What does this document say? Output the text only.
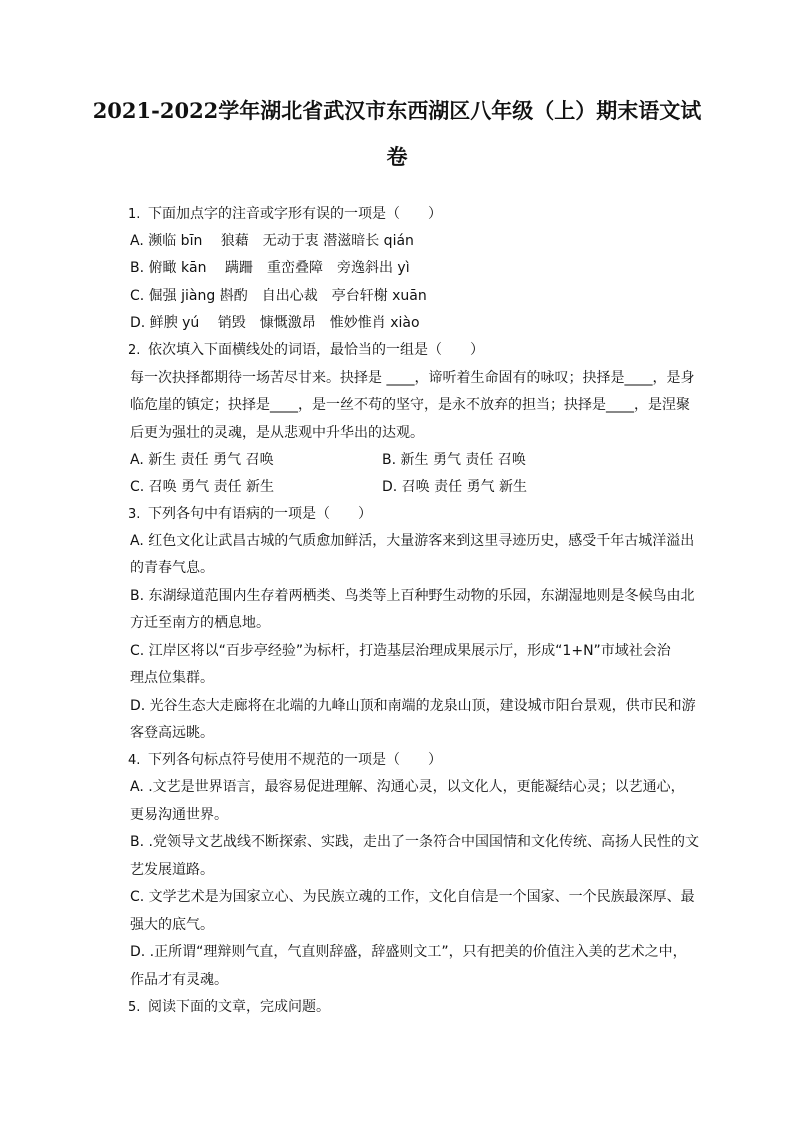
2021-2022学年湖北省武汉市东西湖区八年级（上）期末语文试
卷
1. 下面加点字的注音或字形有误的一项是（　　）
A. 濒临 bīn　 狼藉　无动于衷 潜滋暗长 qián
B. 俯瞰 kān　 蹒跚　重峦叠障　旁逸斜出 yì
C. 倔强 jiàng 斟酌　自出心裁　亭台轩榭 xuān
D. 鲜腴 yú　 销毁　慷慨激昂　惟妙惟肖 xiào
2. 依次填入下面横线处的词语，最恰当的一组是（　　）
每一次抉择都期待一场苦尽甘来。抉择是 ____，谛听着生命固有的咏叹；抉择是____，是身
临危崖的镇定；抉择是____，是一丝不苟的坚守，是永不放弃的担当；抉择是____，是涅聚
后更为强壮的灵魂，是从悲观中升华出的达观。
A. 新生 责任 勇气 召唤	B. 新生 勇气 责任 召唤
C. 召唤 勇气 责任 新生	D. 召唤 责任 勇气 新生
3. 下列各句中有语病的一项是（　　）
A. 红色文化让武昌古城的气质愈加鲜活，大量游客来到这里寻迹历史，感受千年古城洋溢出
的青春气息。
B. 东湖绿道范围内生存着两栖类、鸟类等上百种野生动物的乐园，东湖湿地则是冬候鸟由北
方迁至南方的栖息地。
C. 江岸区将以“百步亭经验”为标杆，打造基层治理成果展示厅，形成“1+N”市域社会治
理点位集群。
D. 光谷生态大走廊将在北端的九峰山顶和南端的龙泉山顶，建设城市阳台景观，供市民和游
客登高远眺。
4. 下列各句标点符号使用不规范的一项是（　　）
A. .文艺是世界语言，最容易促进理解、沟通心灵，以文化人，更能凝结心灵；以艺通心，
更易沟通世界。
B. .党领导文艺战线不断探索、实践，走出了一条符合中国国情和文化传统、高扬人民性的文
艺发展道路。
C. 文学艺术是为国家立心、为民族立魂的工作，文化自信是一个国家、一个民族最深厚、最
强大的底气。
D. .正所谓“理辩则气直，气直则辞盛，辞盛则文工”，只有把美的价值注入美的艺术之中，
作品才有灵魂。
5. 阅读下面的文章，完成问题。
